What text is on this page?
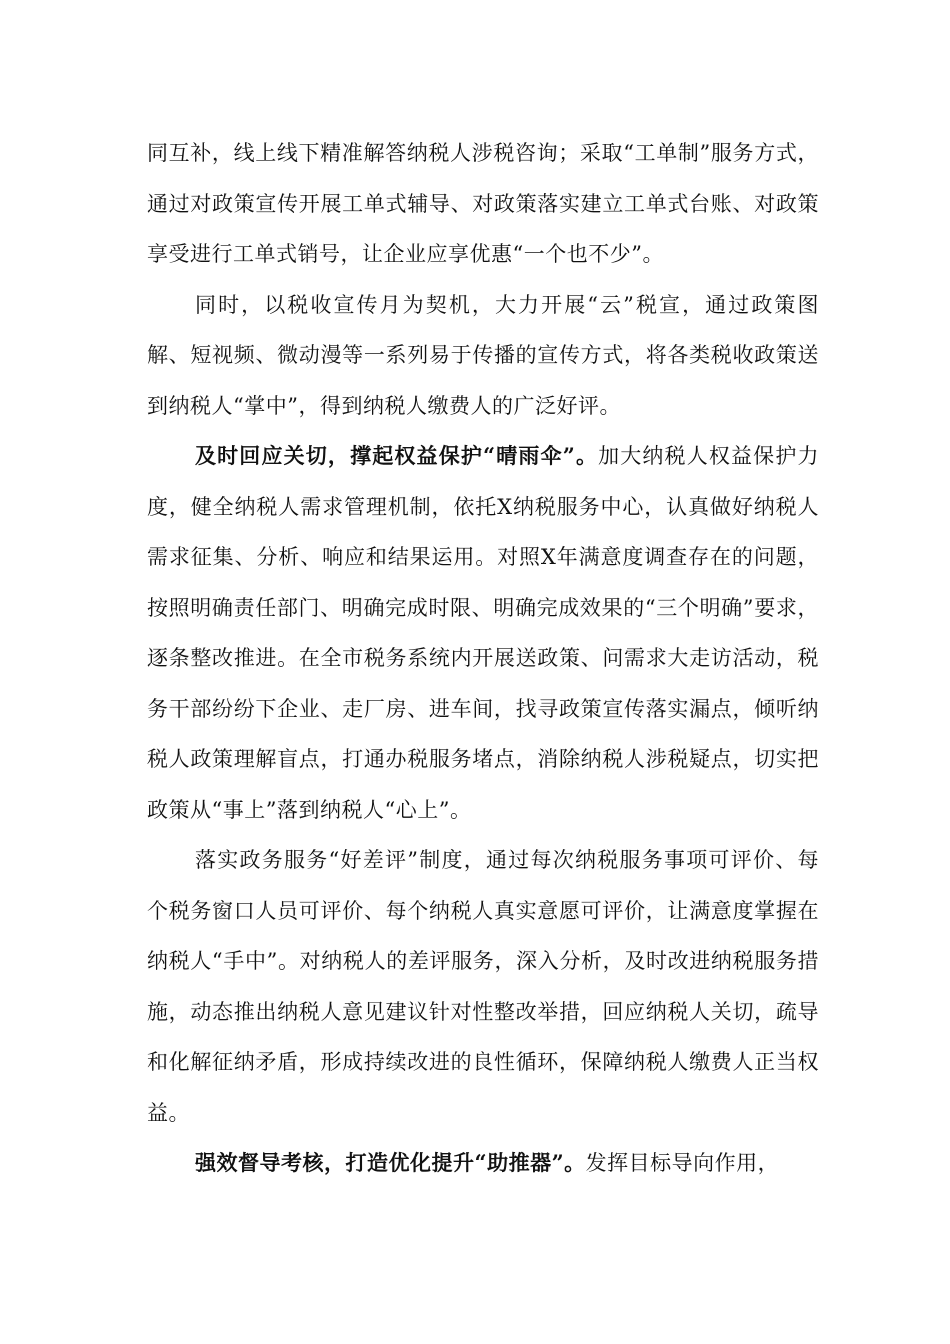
同互补，线上线下精准解答纳税人涉税咨询；采取“工单制”服务方式，通过对政策宣传开展工单式辅导、对政策落实建立工单式台账、对政策享受进行工单式销号，让企业应享优惠“一个也不少”。

同时，以税收宣传月为契机，大力开展“云”税宣，通过政策图解、短视频、微动漫等一系列易于传播的宣传方式，将各类税收政策送到纳税人“掌中”，得到纳税人缴费人的广泛好评。

及时回应关切，撑起权益保护“晴雨伞”。加大纳税人权益保护力度，健全纳税人需求管理机制，依托X纳税服务中心，认真做好纳税人需求征集、分析、响应和结果运用。对照X年满意度调查存在的问题，按照明确责任部门、明确完成时限、明确完成效果的“三个明确”要求，逐条整改推进。在全市税务系统内开展送政策、问需求大走访活动，税务干部纷纷下企业、走厂房、进车间，找寻政策宣传落实漏点，倾听纳税人政策理解盲点，打通办税服务堵点，消除纳税人涉税疑点，切实把政策从“事上”落到纳税人“心上”。

落实政务服务“好差评”制度，通过每次纳税服务事项可评价、每个税务窗口人员可评价、每个纳税人真实意愿可评价，让满意度掌握在纳税人“手中”。对纳税人的差评服务，深入分析，及时改进纳税服务措施，动态推出纳税人意见建议针对性整改举措，回应纳税人关切，疏导和化解征纳矛盾，形成持续改进的良性循环，保障纳税人缴费人正当权益。

强效督导考核，打造优化提升“助推器”。发挥目标导向作用，
